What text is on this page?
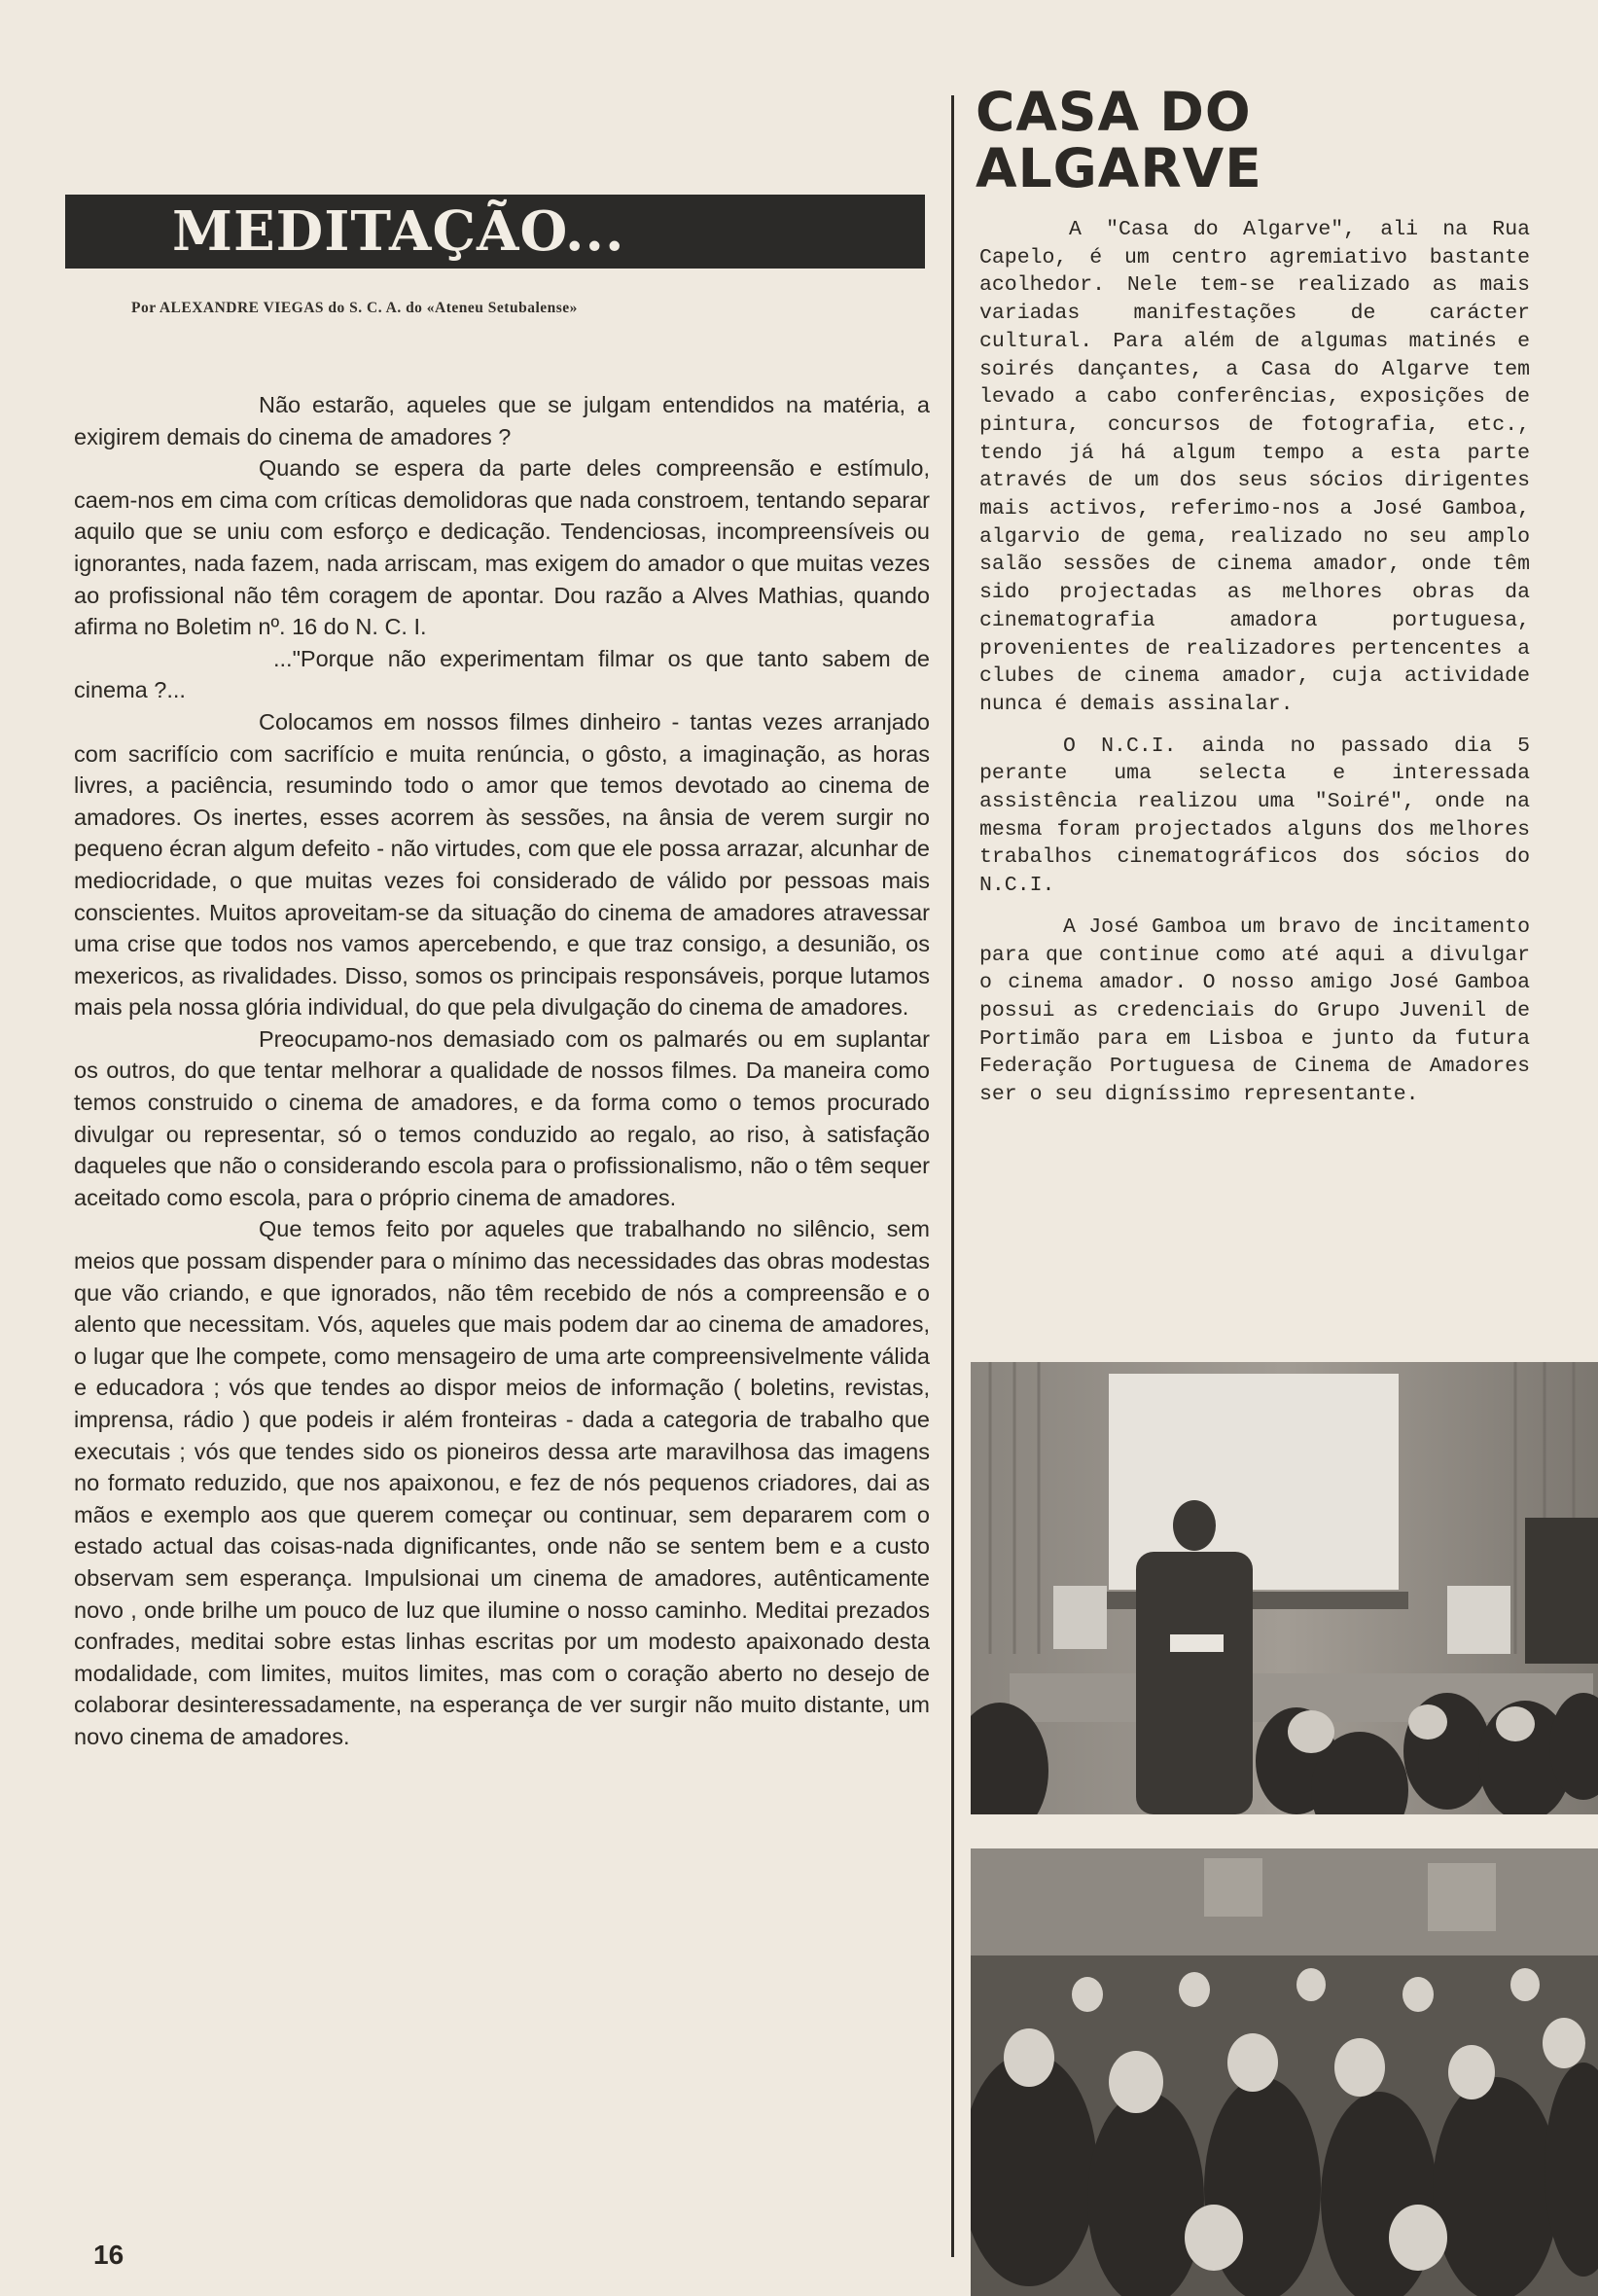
MEDITAÇÃO...
Por ALEXANDRE VIEGAS do S. C. A. do «Ateneu Setubalense»

Não estarão, aqueles que se julgam entendidos na matéria, a exigirem demais do cinema de amadores ?

Quando se espera da parte deles compreensão e estímulo, caem-nos em cima com críticas demolidoras que nada constroem, tentando separar aquilo que se uniu com esforço e dedicação. Tendenciosas, incompreensíveis ou ignorantes, nada fazem, nada arriscam, mas exigem do amador o que muitas vezes ao profissional não têm coragem de apontar. Dou razão a Alves Mathias, quando afirma no Boletim nº. 16 do N. C. I.

..."Porque não experimentam filmar os que tanto sabem de cinema ?...

Colocamos em nossos filmes dinheiro - tantas vezes arranjado com sacrifício com sacrifício e muita renúncia, o gôsto, a imaginação, as horas livres, a paciência, resumindo todo o amor que temos devotado ao cinema de amadores. Os inertes, esses acorrem às sessões, na ânsia de verem surgir no pequeno écran algum defeito - não virtudes, com que ele possa arrazar, alcunhar de mediocridade, o que muitas vezes foi considerado de válido por pessoas mais conscientes. Muitos aproveitam-se da situação do cinema de amadores atravessar uma crise que todos nos vamos apercebendo, e que traz consigo, a desunião, os mexericos, as rivalidades. Disso, somos os principais responsáveis, porque lutamos mais pela nossa glória individual, do que pela divulgação do cinema de amadores.

Preocupamo-nos demasiado com os palmarés ou em suplantar os outros, do que tentar melhorar a qualidade de nossos filmes. Da maneira como temos construido o cinema de amadores, e da forma como o temos procurado divulgar ou representar, só o temos conduzido ao regalo, ao riso, à satisfação daqueles que não o considerando escola para o profissionalismo, não o têm sequer aceitado como escola, para o próprio cinema de amadores.

Que temos feito por aqueles que trabalhando no silêncio, sem meios que possam dispender para o mínimo das necessidades das obras modestas que vão criando, e que ignorados, não têm recebido de nós a compreensão e o alento que necessitam. Vós, aqueles que mais podem dar ao cinema de amadores, o lugar que lhe compete, como mensageiro de uma arte compreensivelmente válida e educadora ; vós que tendes ao dispor meios de informação ( boletins, revistas, imprensa, rádio ) que podeis ir além fronteiras - dada a categoria de trabalho que executais ; vós que tendes sido os pioneiros dessa arte maravilhosa das imagens no formato reduzido, que nos apaixonou, e fez de nós pequenos criadores, dai as mãos e exemplo aos que querem começar ou continuar, sem depararem com o estado actual das coisas-nada dignificantes, onde não se sentem bem e a custo observam sem esperança. Impulsionai um cinema de amadores, autênticamente novo , onde brilhe um pouco de luz que ilumine o nosso caminho. Meditai prezados confrades, meditai sobre estas linhas escritas por um modesto apaixonado desta modalidade, com limites, muitos limites, mas com o coração aberto no desejo de colaborar desinteressadamente, na esperança de ver surgir não muito distante, um novo cinema de amadores.

16
CASA DO
ALGARVE

A "Casa do Algarve", ali na Rua Capelo, é um centro agremiativo bastante acolhedor. Nele tem-se realizado as mais variadas manifestações de carácter cultural. Para além de algumas matinés e soirés dançantes, a Casa do Algarve tem levado a cabo conferências, exposições de pintura, concursos de fotografia, etc., tendo já há algum tempo a esta parte através de um dos seus sócios dirigentes mais activos, referimo-nos a José Gamboa, algarvio de gema, realizado no seu amplo salão sessões de cinema amador, onde têm sido projectadas as melhores obras da cinematografia amadora portuguesa, provenientes de realizadores pertencentes a clubes de cinema amador, cuja actividade nunca é demais assinalar.

O N.C.I. ainda no passado dia 5 perante uma selecta e interessada assistência realizou uma "Soiré", onde na mesma foram projectados alguns dos melhores trabalhos cinematográficos dos sócios do N.C.I.

A José Gamboa um bravo de incitamento para que continue como até aqui a divulgar o cinema amador. O nosso amigo José Gamboa possui as credenciais do Grupo Juvenil de Portimão para em Lisboa e junto da futura Federação Portuguesa de Cinema de Amadores ser o seu digníssimo representante.
